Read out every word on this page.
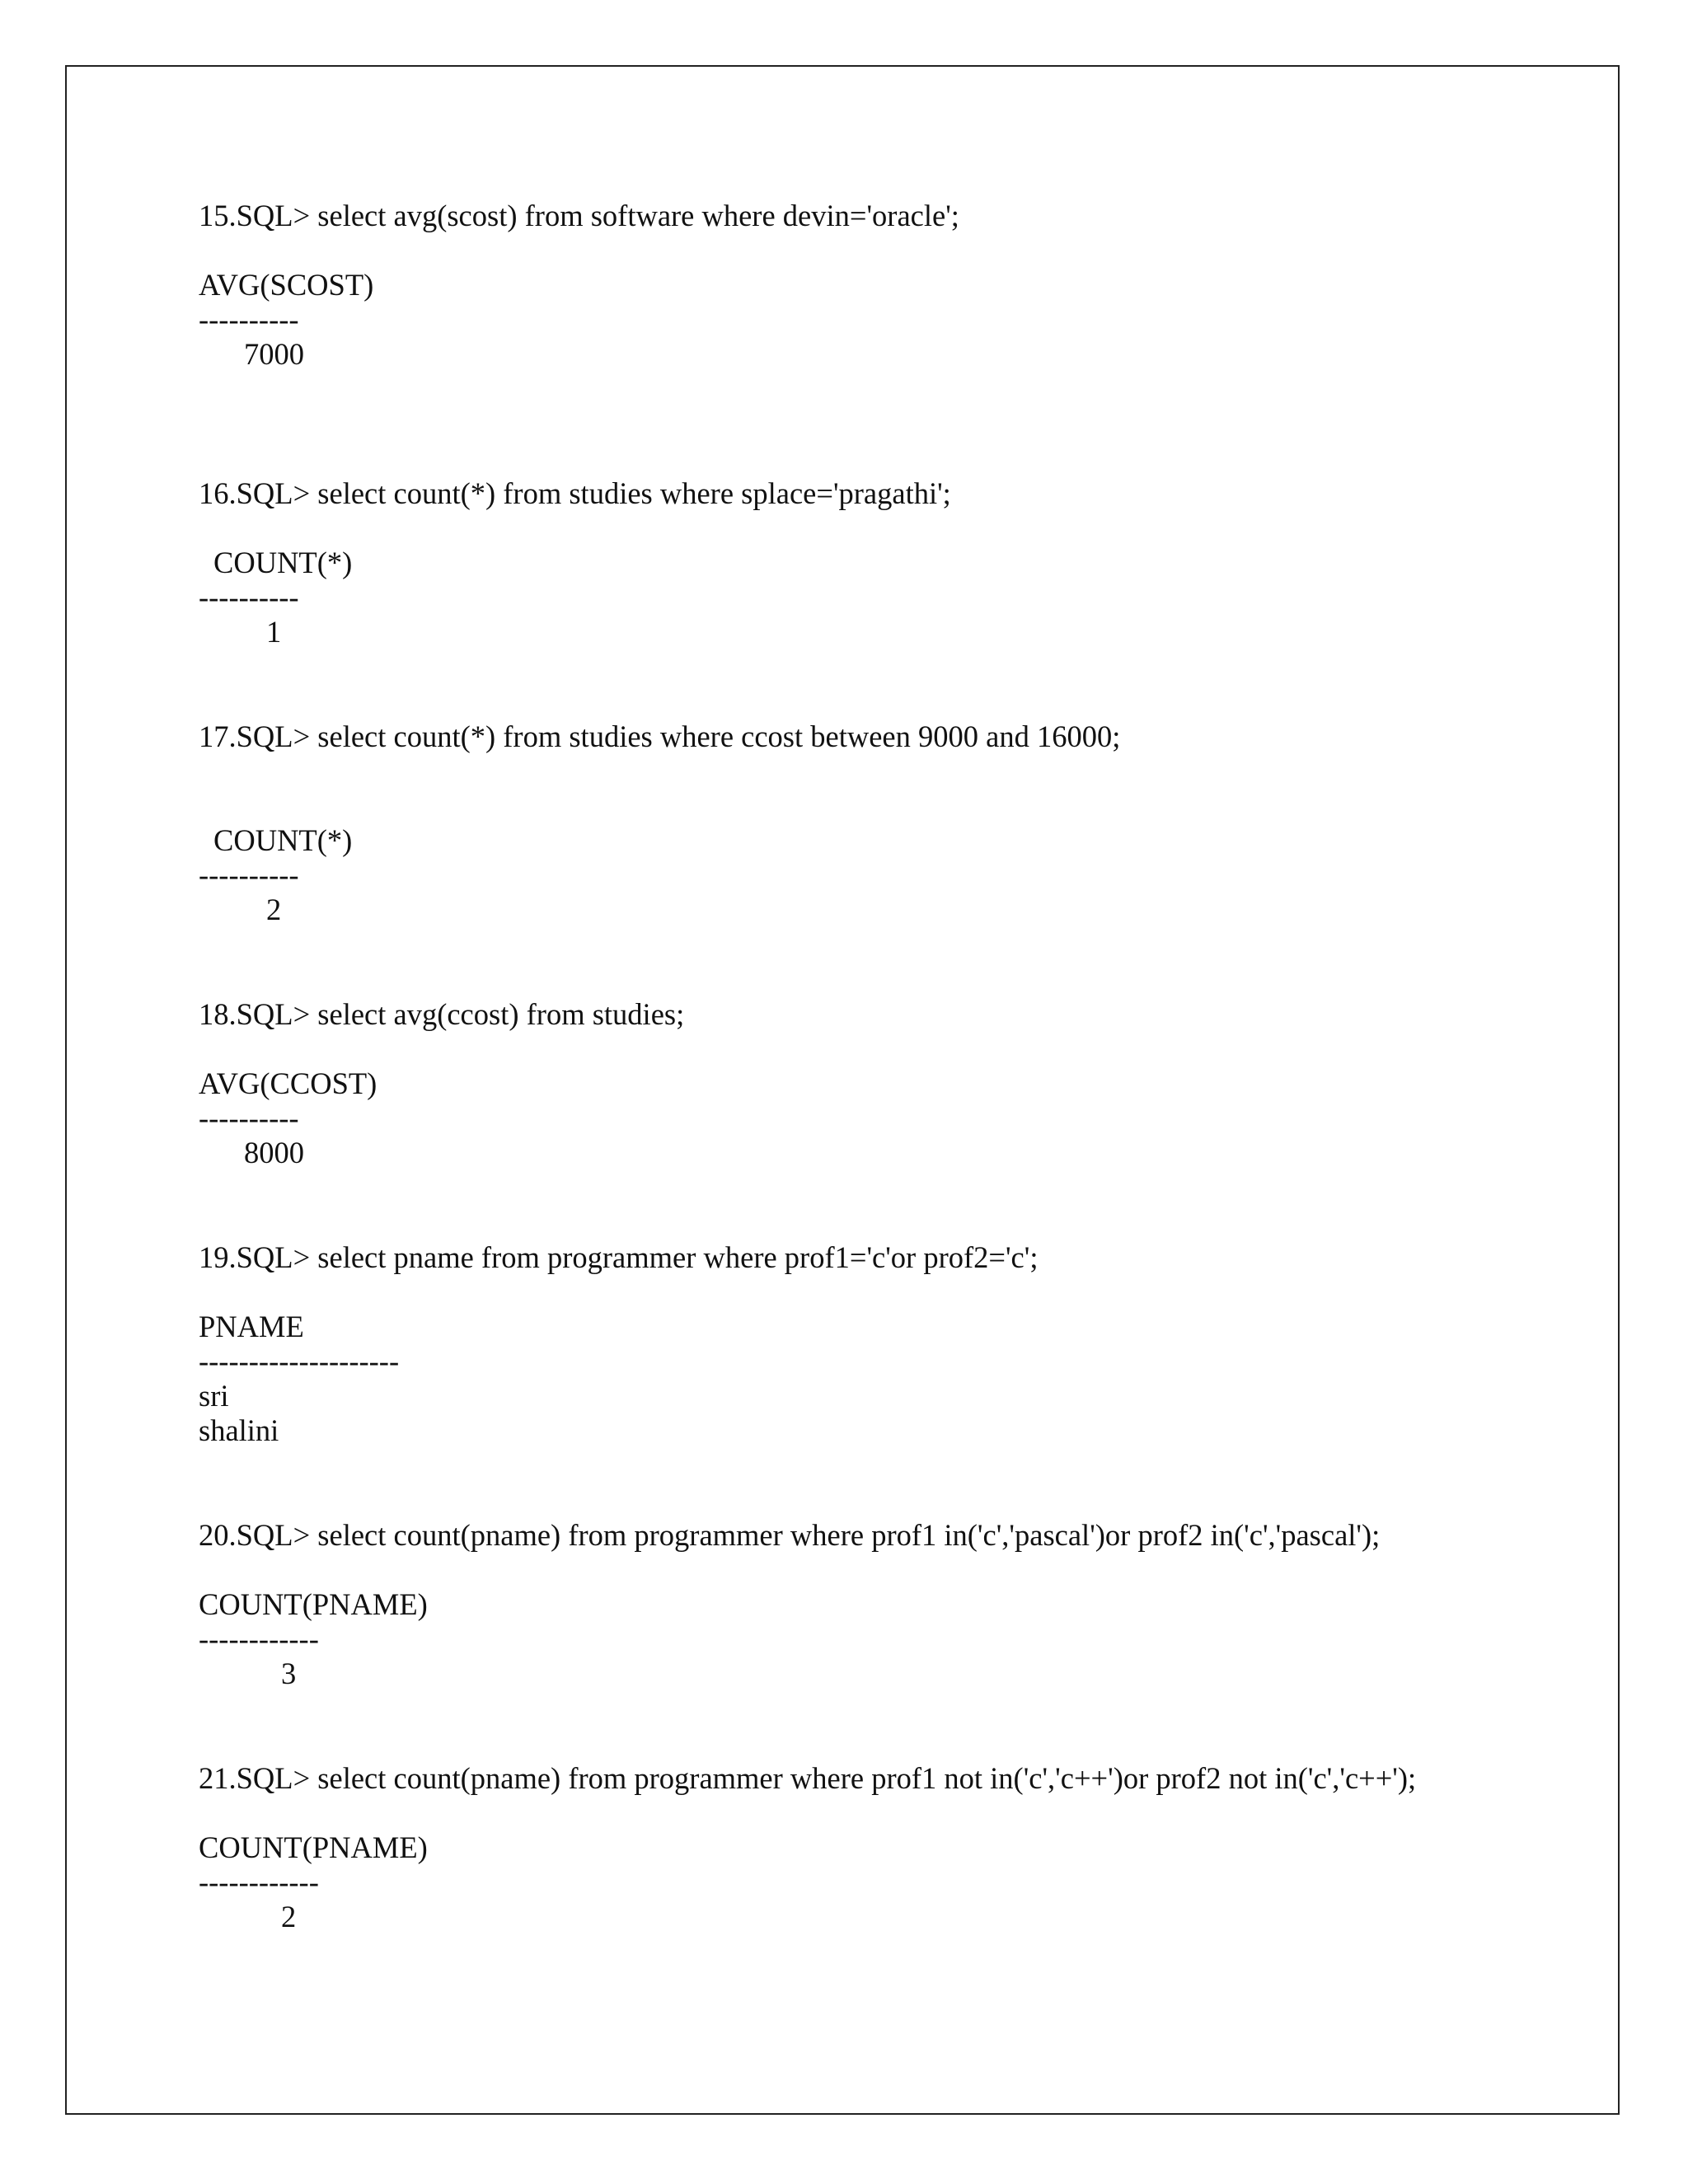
15.SQL> select avg(scost) from software where devin='oracle';

AVG(SCOST)

----------

7000

16.SQL> select count(*) from studies where splace='pragathi';

COUNT(*)

----------

1

17.SQL> select count(*) from studies where ccost between 9000 and 16000;

COUNT(*)

----------

2

18.SQL> select avg(ccost) from studies;

AVG(CCOST)

----------

8000

19.SQL> select pname from programmer where prof1='c'or prof2='c';

PNAME

--------------------

sri

shalini

20.SQL> select count(pname) from programmer where prof1 in('c','pascal')or prof2 in('c','pascal');

COUNT(PNAME)

------------

3

21.SQL> select count(pname) from programmer where prof1 not in('c','c++')or prof2 not in('c','c++');

COUNT(PNAME)

------------

2
